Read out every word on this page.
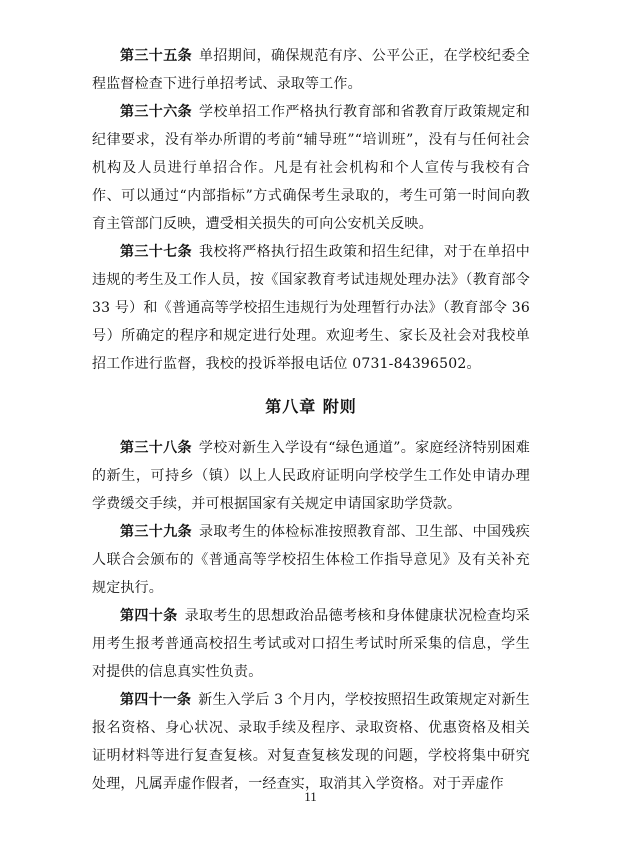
第三十五条 单招期间，确保规范有序、公平公正，在学校纪委全程监督检查下进行单招考试、录取等工作。

第三十六条 学校单招工作严格执行教育部和省教育厅政策规定和纪律要求，没有举办所谓的考前“辅导班”“培训班”，没有与任何社会机构及人员进行单招合作。凡是有社会机构和个人宣传与我校有合作、可以通过“内部指标”方式确保考生录取的，考生可第一时间向教育主管部门反映，遭受相关损失的可向公安机关反映。

第三十七条 我校将严格执行招生政策和招生纪律，对于在单招中违规的考生及工作人员，按《国家教育考试违规处理办法》（教育部令 33 号）和《普通高等学校招生违规行为处理暂行办法》（教育部令 36 号）所确定的程序和规定进行处理。欢迎考生、家长及社会对我校单招工作进行监督，我校的投诉举报电话位 0731-84396502。

第八章 附则

第三十八条 学校对新生入学设有“绿色通道”。家庭经济特别困难的新生，可持乡（镇）以上人民政府证明向学校学生工作处申请办理学费缓交手续，并可根据国家有关规定申请国家助学贷款。

第三十九条 录取考生的体检标准按照教育部、卫生部、中国残疾人联合会颁布的《普通高等学校招生体检工作指导意见》及有关补充规定执行。

第四十条 录取考生的思想政治品德考核和身体健康状况检查均采用考生报考普通高校招生考试或对口招生考试时所采集的信息，学生对提供的信息真实性负责。

第四十一条 新生入学后 3 个月内，学校按照招生政策规定对新生报名资格、身心状况、录取手续及程序、录取资格、优惠资格及相关证明材料等进行复查复核。对复查复核发现的问题，学校将集中研究处理，凡属弄虚作假者，一经查实，取消其入学资格。对于弄虚作

11
